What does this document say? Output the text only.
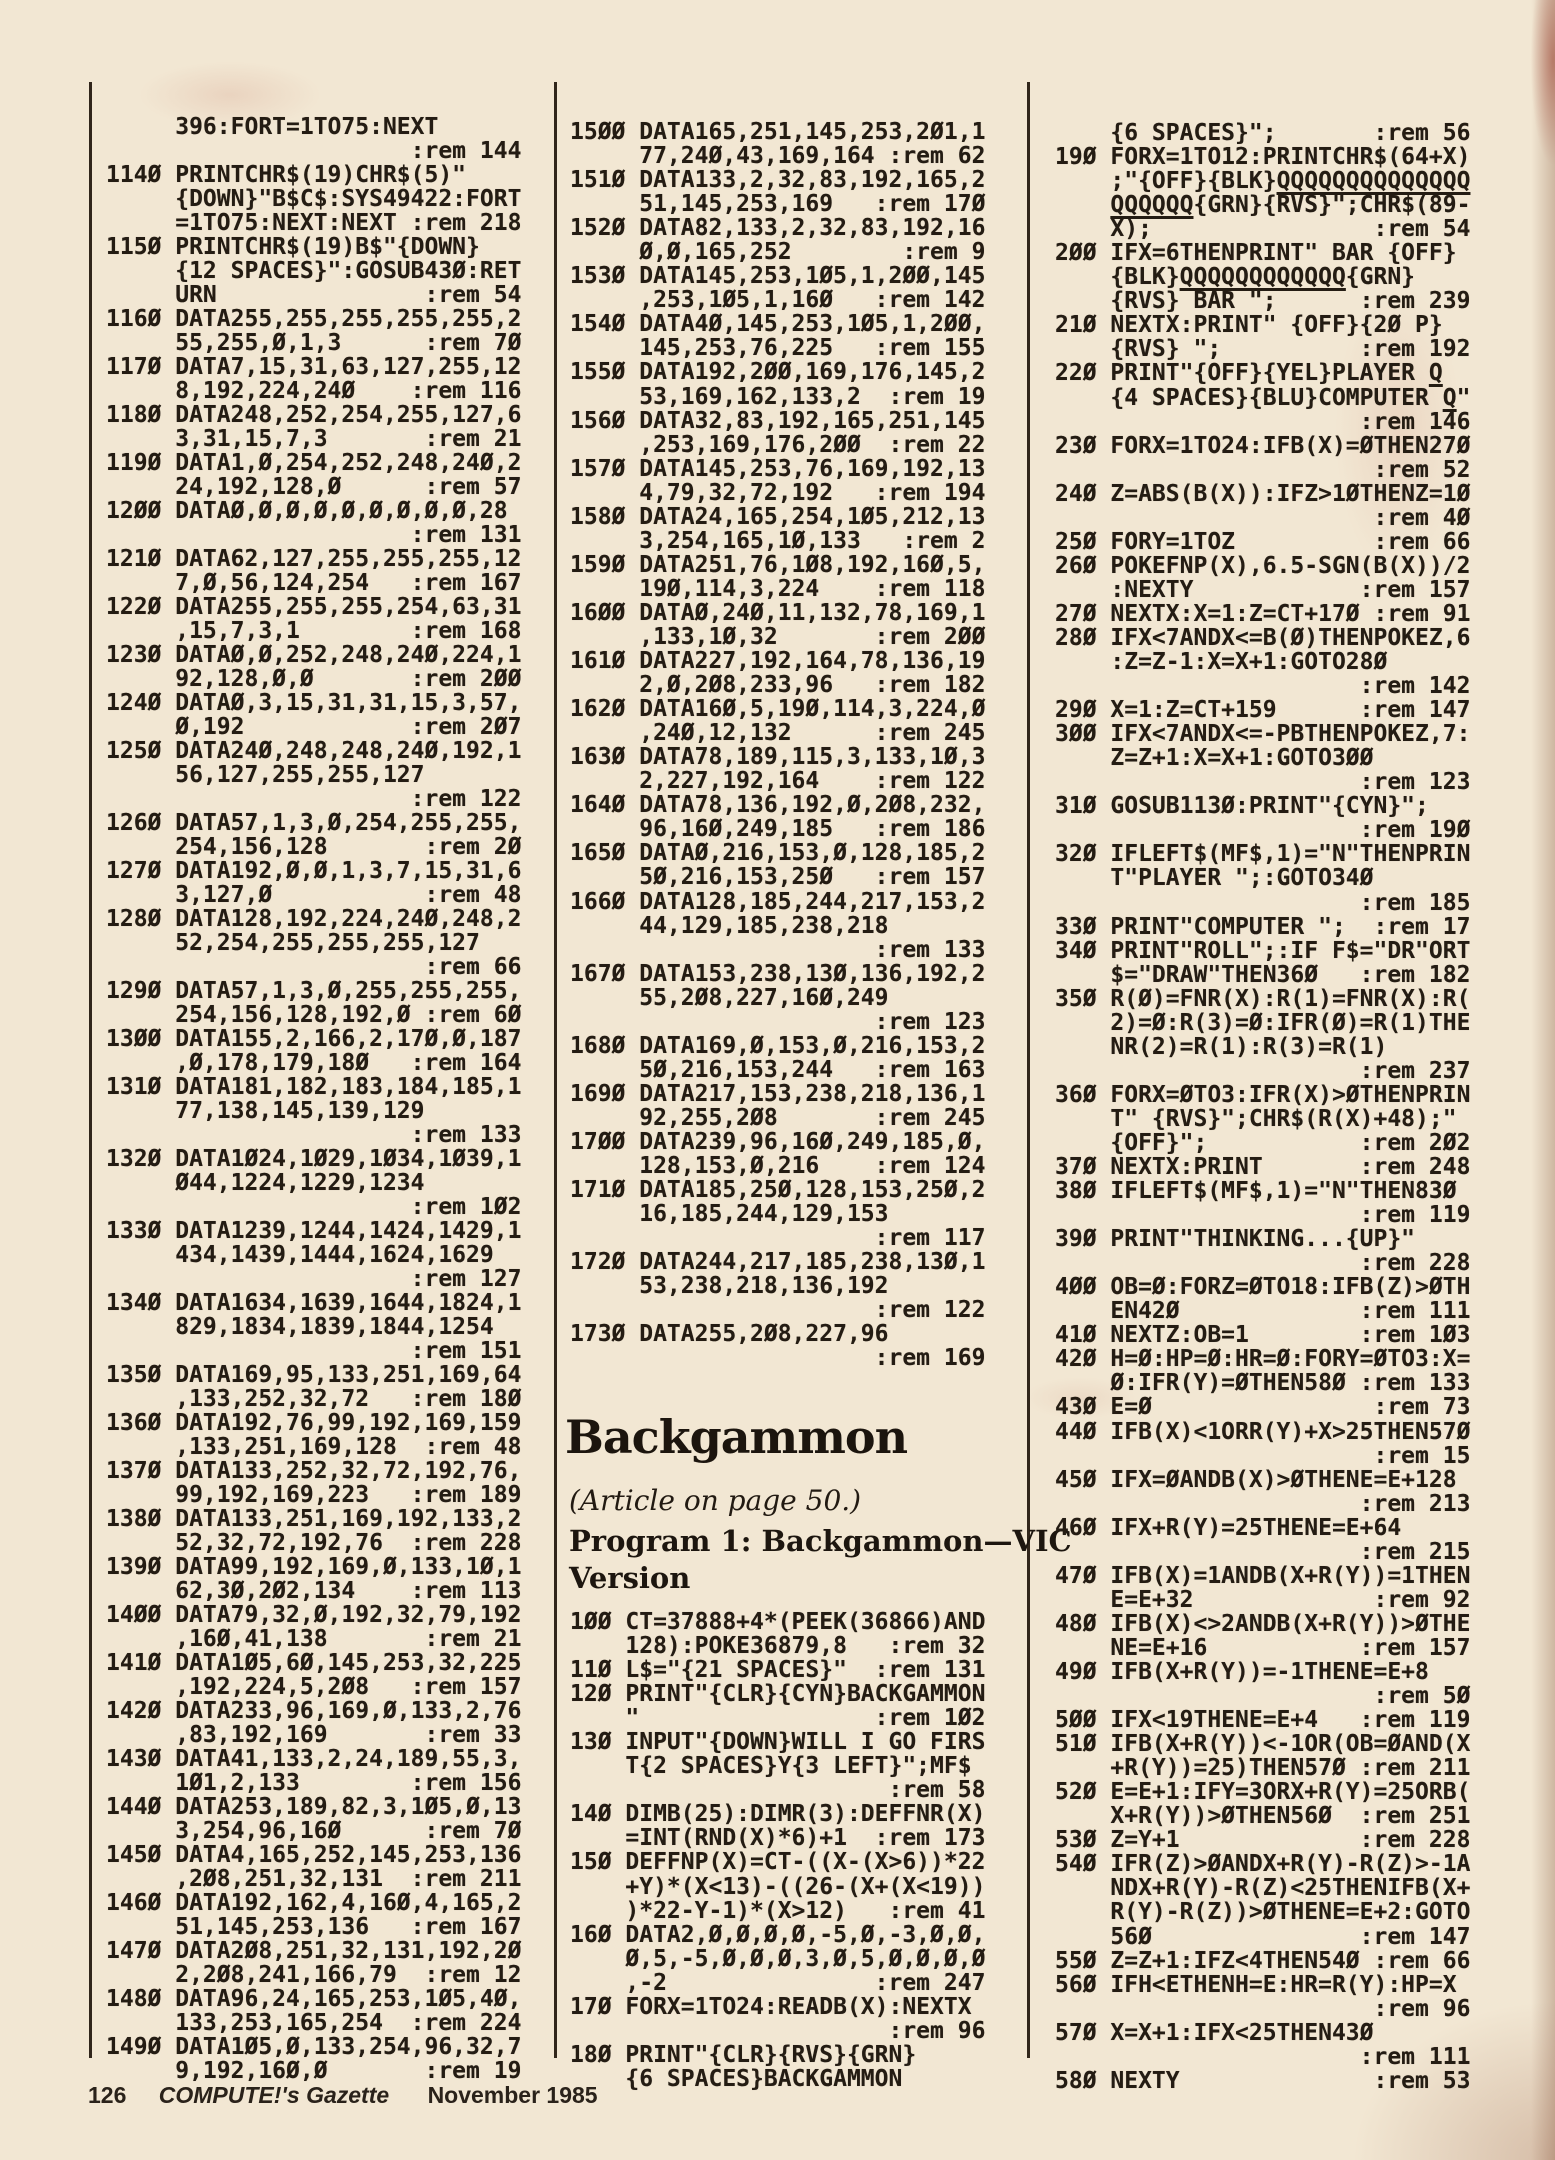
396:FORT=1TO75:NEXT
:rem 144
114Ø PRINTCHR$(19)CHR$(5)"
{DOWN}"B$C$:SYS49422:FORT
=1TO75:NEXT:NEXT :rem 218
115Ø PRINTCHR$(19)B$"{DOWN}
{12 SPACES}":GOSUB43Ø:RET
URN               :rem 54
116Ø DATA255,255,255,255,255,2
55,255,Ø,1,3      :rem 7Ø
117Ø DATA7,15,31,63,127,255,12
8,192,224,24Ø    :rem 116
118Ø DATA248,252,254,255,127,6
3,31,15,7,3       :rem 21
119Ø DATA1,Ø,254,252,248,24Ø,2
24,192,128,Ø      :rem 57
12ØØ DATAØ,Ø,Ø,Ø,Ø,Ø,Ø,Ø,Ø,28
:rem 131
121Ø DATA62,127,255,255,255,12
7,Ø,56,124,254   :rem 167
122Ø DATA255,255,255,254,63,31
,15,7,3,1        :rem 168
123Ø DATAØ,Ø,252,248,24Ø,224,1
92,128,Ø,Ø       :rem 2ØØ
124Ø DATAØ,3,15,31,31,15,3,57,
Ø,192            :rem 2Ø7
125Ø DATA24Ø,248,248,24Ø,192,1
56,127,255,255,127
:rem 122
126Ø DATA57,1,3,Ø,254,255,255,
254,156,128       :rem 2Ø
127Ø DATA192,Ø,Ø,1,3,7,15,31,6
3,127,Ø           :rem 48
128Ø DATA128,192,224,24Ø,248,2
52,254,255,255,255,127
:rem 66
129Ø DATA57,1,3,Ø,255,255,255,
254,156,128,192,Ø :rem 6Ø
13ØØ DATA155,2,166,2,17Ø,Ø,187
,Ø,178,179,18Ø   :rem 164
131Ø DATA181,182,183,184,185,1
77,138,145,139,129
:rem 133
132Ø DATA1Ø24,1Ø29,1Ø34,1Ø39,1
Ø44,1224,1229,1234
:rem 1Ø2
133Ø DATA1239,1244,1424,1429,1
434,1439,1444,1624,1629
:rem 127
134Ø DATA1634,1639,1644,1824,1
829,1834,1839,1844,1254
:rem 151
135Ø DATA169,95,133,251,169,64
,133,252,32,72   :rem 18Ø
136Ø DATA192,76,99,192,169,159
,133,251,169,128  :rem 48
137Ø DATA133,252,32,72,192,76,
99,192,169,223   :rem 189
138Ø DATA133,251,169,192,133,2
52,32,72,192,76  :rem 228
139Ø DATA99,192,169,Ø,133,1Ø,1
62,3Ø,2Ø2,134    :rem 113
14ØØ DATA79,32,Ø,192,32,79,192
,16Ø,41,138       :rem 21
141Ø DATA1Ø5,6Ø,145,253,32,225
,192,224,5,2Ø8   :rem 157
142Ø DATA233,96,169,Ø,133,2,76
,83,192,169       :rem 33
143Ø DATA41,133,2,24,189,55,3,
1Ø1,2,133        :rem 156
144Ø DATA253,189,82,3,1Ø5,Ø,13
3,254,96,16Ø      :rem 7Ø
145Ø DATA4,165,252,145,253,136
,2Ø8,251,32,131  :rem 211
146Ø DATA192,162,4,16Ø,4,165,2
51,145,253,136   :rem 167
147Ø DATA2Ø8,251,32,131,192,2Ø
2,2Ø8,241,166,79  :rem 12
148Ø DATA96,24,165,253,1Ø5,4Ø,
133,253,165,254  :rem 224
149Ø DATA1Ø5,Ø,133,254,96,32,7
9,192,16Ø,Ø       :rem 19
15ØØ DATA165,251,145,253,2Ø1,1
77,24Ø,43,169,164 :rem 62
151Ø DATA133,2,32,83,192,165,2
51,145,253,169   :rem 17Ø
152Ø DATA82,133,2,32,83,192,16
Ø,Ø,165,252        :rem 9
153Ø DATA145,253,1Ø5,1,2ØØ,145
,253,1Ø5,1,16Ø   :rem 142
154Ø DATA4Ø,145,253,1Ø5,1,2ØØ,
145,253,76,225   :rem 155
155Ø DATA192,2ØØ,169,176,145,2
53,169,162,133,2  :rem 19
156Ø DATA32,83,192,165,251,145
,253,169,176,2ØØ  :rem 22
157Ø DATA145,253,76,169,192,13
4,79,32,72,192   :rem 194
158Ø DATA24,165,254,1Ø5,212,13
3,254,165,1Ø,133   :rem 2
159Ø DATA251,76,1Ø8,192,16Ø,5,
19Ø,114,3,224    :rem 118
16ØØ DATAØ,24Ø,11,132,78,169,1
,133,1Ø,32       :rem 2ØØ
161Ø DATA227,192,164,78,136,19
2,Ø,2Ø8,233,96   :rem 182
162Ø DATA16Ø,5,19Ø,114,3,224,Ø
,24Ø,12,132      :rem 245
163Ø DATA78,189,115,3,133,1Ø,3
2,227,192,164    :rem 122
164Ø DATA78,136,192,Ø,2Ø8,232,
96,16Ø,249,185   :rem 186
165Ø DATAØ,216,153,Ø,128,185,2
5Ø,216,153,25Ø   :rem 157
166Ø DATA128,185,244,217,153,2
44,129,185,238,218
:rem 133
167Ø DATA153,238,13Ø,136,192,2
55,2Ø8,227,16Ø,249
:rem 123
168Ø DATA169,Ø,153,Ø,216,153,2
5Ø,216,153,244   :rem 163
169Ø DATA217,153,238,218,136,1
92,255,2Ø8       :rem 245
17ØØ DATA239,96,16Ø,249,185,Ø,
128,153,Ø,216    :rem 124
171Ø DATA185,25Ø,128,153,25Ø,2
16,185,244,129,153
:rem 117
172Ø DATA244,217,185,238,13Ø,1
53,238,218,136,192
:rem 122
173Ø DATA255,2Ø8,227,96
:rem 169
Backgammon

(Article on page 50.)

Program 1: Backgammon—VIC
Version
1ØØ CT=37888+4*(PEEK(36866)AND
128):POKE36879,8   :rem 32
11Ø L$="{21 SPACES}"  :rem 131
12Ø PRINT"{CLR}{CYN}BACKGAMMON
"                 :rem 1Ø2
13Ø INPUT"{DOWN}WILL I GO FIRS
T{2 SPACES}Y{3 LEFT}";MF$
:rem 58
14Ø DIMB(25):DIMR(3):DEFFNR(X)
=INT(RND(X)*6)+1  :rem 173
15Ø DEFFNP(X)=CT-((X-(X>6))*22
+Y)*(X<13)-((26-(X+(X<19))
)*22-Y-1)*(X>12)   :rem 41
16Ø DATA2,Ø,Ø,Ø,Ø,-5,Ø,-3,Ø,Ø,
Ø,5,-5,Ø,Ø,Ø,3,Ø,5,Ø,Ø,Ø,Ø
,-2               :rem 247
17Ø FORX=1TO24:READB(X):NEXTX
:rem 96
18Ø PRINT"{CLR}{RVS}{GRN}
{6 SPACES}BACKGAMMON
{6 SPACES}";       :rem 56
19Ø FORX=1TO12:PRINTCHR$(64+X)
;"{OFF}{BLK}QQQQQQQQQQQQQQ
QQQQQQ{GRN}{RVS}";CHR$(89-
X);                :rem 54
2ØØ IFX=6THENPRINT" BAR {OFF}
{BLK}QQQQQQQQQQQQ{GRN}
{RVS} BAR ";      :rem 239
21Ø NEXTX:PRINT" {OFF}{2Ø P}
{RVS} ";          :rem 192
22Ø PRINT"{OFF}{YEL}PLAYER Q
{4 SPACES}{BLU}COMPUTER Q"
:rem 146
23Ø FORX=1TO24:IFB(X)=ØTHEN27Ø
:rem 52
24Ø Z=ABS(B(X)):IFZ>1ØTHENZ=1Ø
:rem 4Ø
25Ø FORY=1TOZ          :rem 66
26Ø POKEFNP(X),6.5-SGN(B(X))/2
:NEXTY            :rem 157
27Ø NEXTX:X=1:Z=CT+17Ø :rem 91
28Ø IFX<7ANDX<=B(Ø)THENPOKEZ,6
:Z=Z-1:X=X+1:GOTO28Ø
:rem 142
29Ø X=1:Z=CT+159      :rem 147
3ØØ IFX<7ANDX<=-PBTHENPOKEZ,7:
Z=Z+1:X=X+1:GOTO3ØØ
:rem 123
31Ø GOSUB113Ø:PRINT"{CYN}";
:rem 19Ø
32Ø IFLEFT$(MF$,1)="N"THENPRIN
T"PLAYER ";:GOTO34Ø
:rem 185
33Ø PRINT"COMPUTER ";  :rem 17
34Ø PRINT"ROLL";:IF F$="DR"ORT
$="DRAW"THEN36Ø   :rem 182
35Ø R(Ø)=FNR(X):R(1)=FNR(X):R(
2)=Ø:R(3)=Ø:IFR(Ø)=R(1)THE
NR(2)=R(1):R(3)=R(1)
:rem 237
36Ø FORX=ØTO3:IFR(X)>ØTHENPRIN
T" {RVS}";CHR$(R(X)+48);"
{OFF}";           :rem 2Ø2
37Ø NEXTX:PRINT       :rem 248
38Ø IFLEFT$(MF$,1)="N"THEN83Ø
:rem 119
39Ø PRINT"THINKING...{UP}"
:rem 228
4ØØ OB=Ø:FORZ=ØTO18:IFB(Z)>ØTH
EN42Ø             :rem 111
41Ø NEXTZ:OB=1        :rem 1Ø3
42Ø H=Ø:HP=Ø:HR=Ø:FORY=ØTO3:X=
Ø:IFR(Y)=ØTHEN58Ø :rem 133
43Ø E=Ø                :rem 73
44Ø IFB(X)<1ORR(Y)+X>25THEN57Ø
:rem 15
45Ø IFX=ØANDB(X)>ØTHENE=E+128
:rem 213
46Ø IFX+R(Y)=25THENE=E+64
:rem 215
47Ø IFB(X)=1ANDB(X+R(Y))=1THEN
E=E+32             :rem 92
48Ø IFB(X)<>2ANDB(X+R(Y))>ØTHE
NE=E+16           :rem 157
49Ø IFB(X+R(Y))=-1THENE=E+8
:rem 5Ø
5ØØ IFX<19THENE=E+4   :rem 119
51Ø IFB(X+R(Y))<-1OR(OB=ØAND(X
+R(Y))=25)THEN57Ø :rem 211
52Ø E=E+1:IFY=3ORX+R(Y)=25ORB(
X+R(Y))>ØTHEN56Ø  :rem 251
53Ø Z=Y+1             :rem 228
54Ø IFR(Z)>ØANDX+R(Y)-R(Z)>-1A
NDX+R(Y)-R(Z)<25THENIFB(X+
R(Y)-R(Z))>ØTHENE=E+2:GOTO
56Ø               :rem 147
55Ø Z=Z+1:IFZ<4THEN54Ø :rem 66
56Ø IFH<ETHENH=E:HR=R(Y):HP=X
:rem 96
57Ø X=X+1:IFX<25THEN43Ø
:rem 111
58Ø NEXTY              :rem 53
126 COMPUTE!'s Gazette November 1985
